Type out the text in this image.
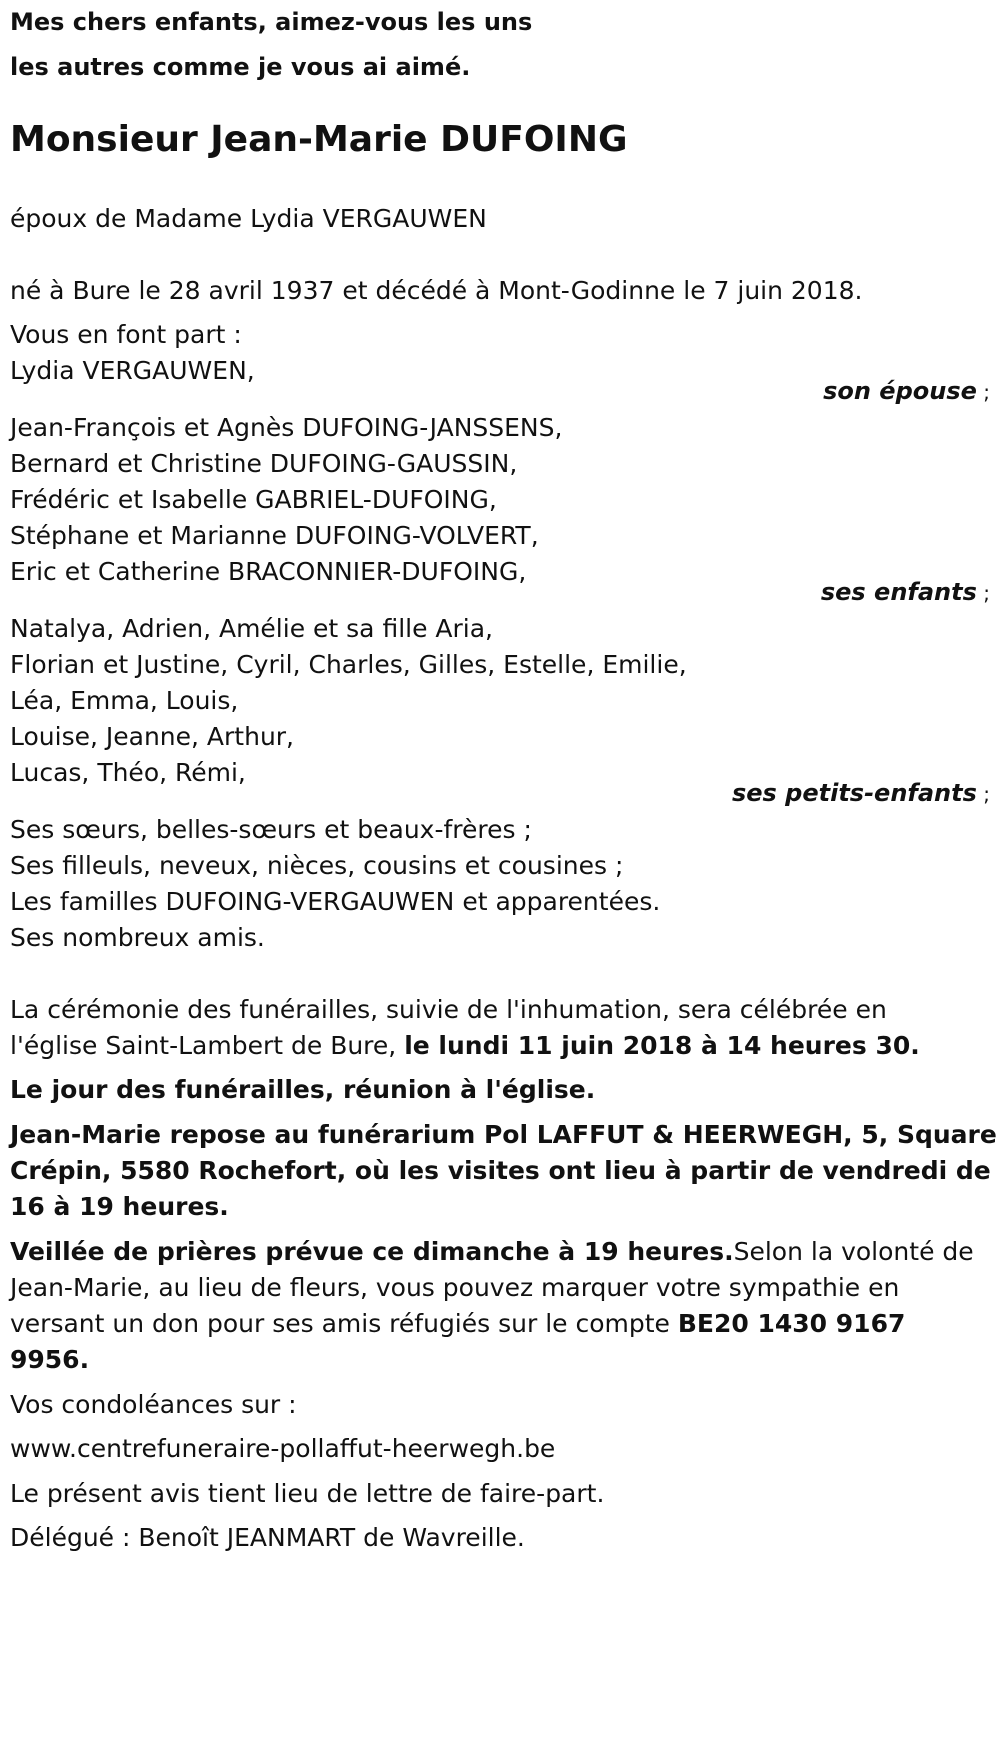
Mes chers enfants, aimez-vous les uns
les autres comme je vous ai aimé.
Monsieur Jean-Marie DUFOING
époux de Madame Lydia VERGAUWEN
né à Bure le 28 avril 1937 et décédé à Mont-Godinne le 7 juin 2018.
Vous en font part :
Lydia VERGAUWEN,
son épouse ;
Jean-François et Agnès DUFOING-JANSSENS,
Bernard et Christine DUFOING-GAUSSIN,
Frédéric et Isabelle GABRIEL-DUFOING,
Stéphane et Marianne DUFOING-VOLVERT,
Eric et Catherine BRACONNIER-DUFOING,
ses enfants ;
Natalya, Adrien, Amélie et sa fille Aria,
Florian et Justine, Cyril, Charles, Gilles, Estelle, Emilie,
Léa, Emma, Louis,
Louise, Jeanne, Arthur,
Lucas, Théo, Rémi,
ses petits-enfants ;
Ses sœurs, belles-sœurs et beaux-frères ;
Ses filleuls, neveux, nièces, cousins et cousines ;
Les familles DUFOING-VERGAUWEN et apparentées.
Ses nombreux amis.
La cérémonie des funérailles, suivie de l'inhumation, sera célébrée en
l'église Saint-Lambert de Bure, le lundi 11 juin 2018 à 14 heures 30.
Le jour des funérailles, réunion à l'église.
Jean-Marie repose au funérarium Pol LAFFUT & HEERWEGH, 5, Square
Crépin, 5580 Rochefort, où les visites ont lieu à partir de vendredi de
16 à 19 heures.
Veillée de prières prévue ce dimanche à 19 heures.Selon la volonté de
Jean-Marie, au lieu de fleurs, vous pouvez marquer votre sympathie en
versant un don pour ses amis réfugiés sur le compte BE20 1430 9167
9956.
Vos condoléances sur :
www.centrefuneraire-pollaffut-heerwegh.be
Le présent avis tient lieu de lettre de faire-part.
Délégué : Benoît JEANMART de Wavreille.
